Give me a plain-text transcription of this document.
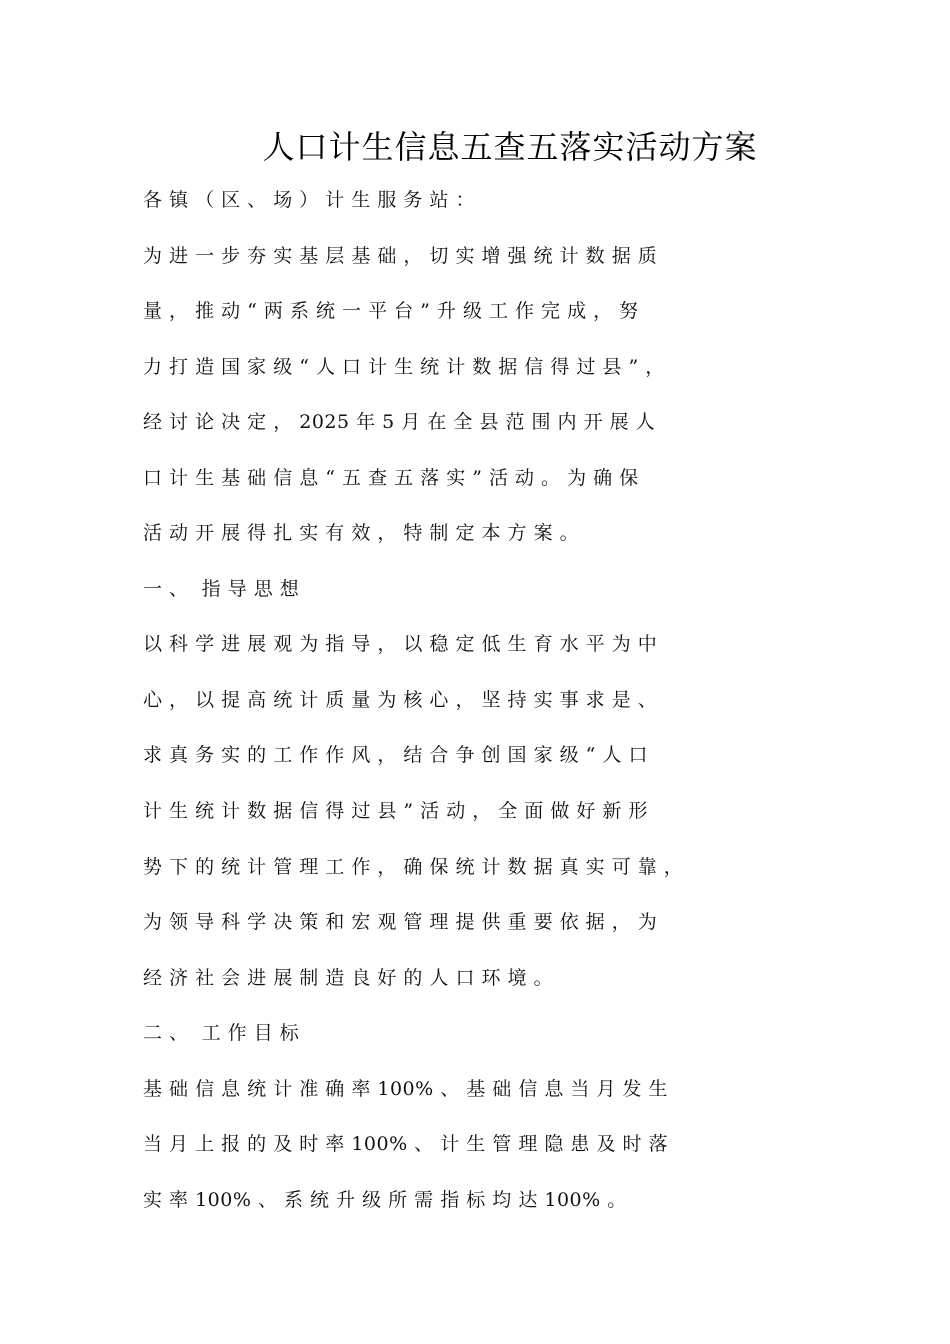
人口计生信息五查五落实活动方案
各 镇 （ 区 、 场 ） 计 生 服 务 站 ：
为 进 一 步 夯 实 基 层 基 础 ， 切 实 增 强 统 计 数 据 质
量 ， 推 动 “ 两 系 统 一 平 台 ” 升 级 工 作 完 成 ， 努
力 打 造 国 家 级 “ 人 口 计 生 统 计 数 据 信 得 过 县 ” ，
经 讨 论 决 定 ， 2025 年 5 月 在 全 县 范 围 内 开 展 人
口 计 生 基 础 信 息 “ 五 查 五 落 实 ” 活 动 。 为 确 保
活 动 开 展 得 扎 实 有 效 ， 特 制 定 本 方 案 。
一 、  指 导 思 想
以 科 学 进 展 观 为 指 导 ， 以 稳 定 低 生 育 水 平 为 中
心 ， 以 提 高 统 计 质 量 为 核 心 ， 坚 持 实 事 求 是 、
求 真 务 实 的 工 作 作 风 ， 结 合 争 创 国 家 级 “ 人 口
计 生 统 计 数 据 信 得 过 县 ” 活 动 ， 全 面 做 好 新 形
势 下 的 统 计 管 理 工 作 ， 确 保 统 计 数 据 真 实 可 靠 ，
为 领 导 科 学 决 策 和 宏 观 管 理 提 供 重 要 依 据 ， 为
经 济 社 会 进 展 制 造 良 好 的 人 口 环 境 。
二 、  工 作 目 标
基 础 信 息 统 计 准 确 率 100% 、 基 础 信 息 当 月 发 生
当 月 上 报 的 及 时 率 100% 、 计 生 管 理 隐 患 及 时 落
实 率 100% 、 系 统 升 级 所 需 指 标 均 达 100% 。
